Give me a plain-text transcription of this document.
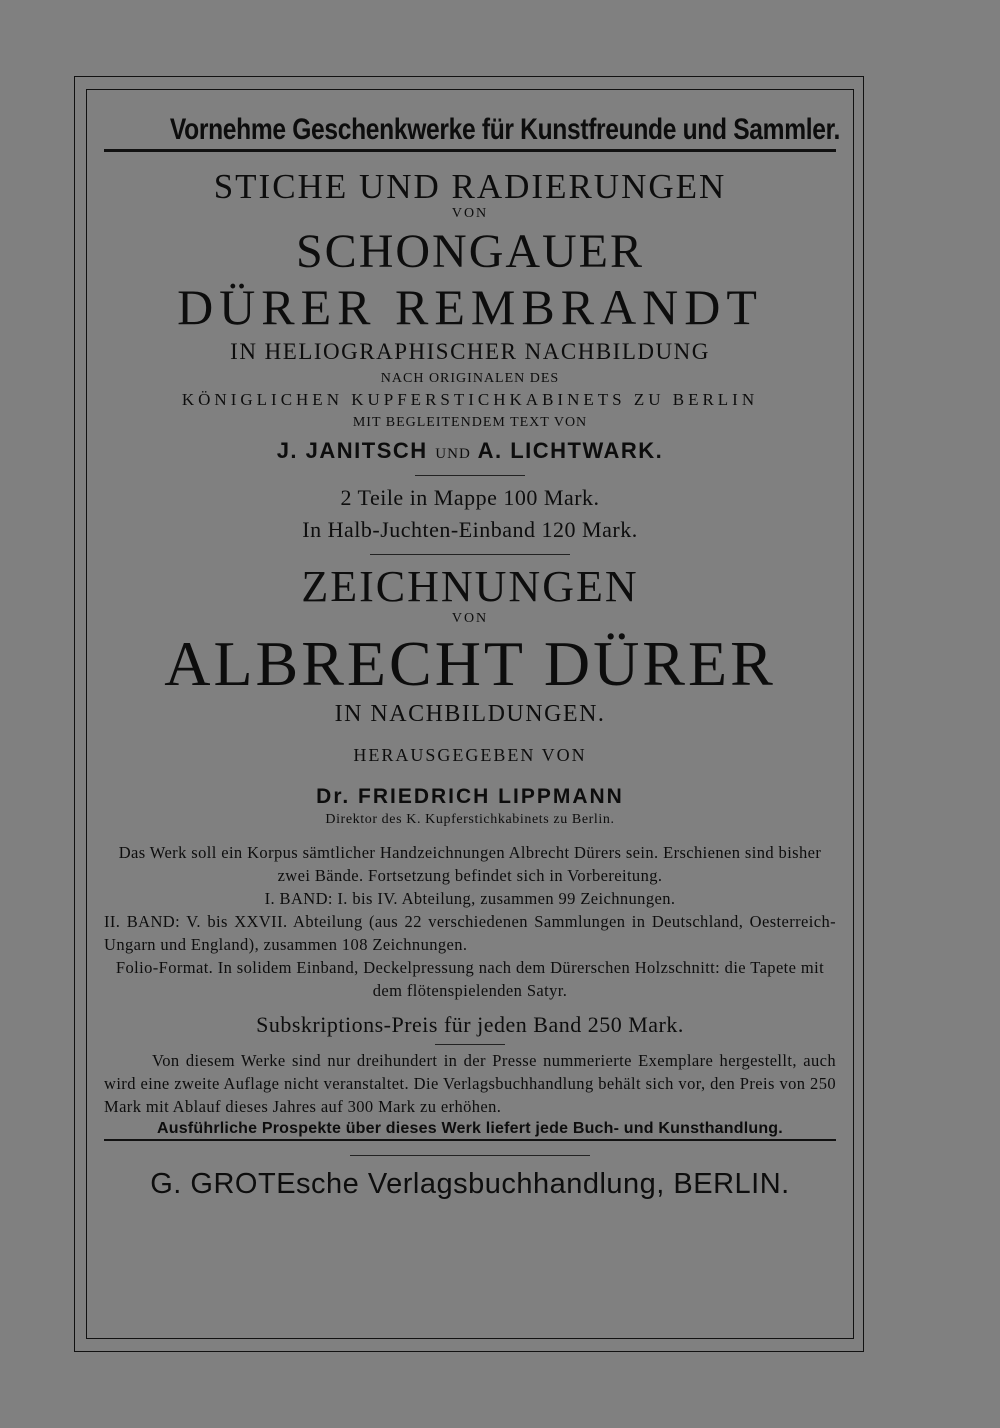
Vornehme Geschenkwerke für Kunstfreunde und Sammler.
STICHE UND RADIERUNGEN
VON
SCHONGAUER
DÜRER REMBRANDT
IN HELIOGRAPHISCHER NACHBILDUNG
NACH ORIGINALEN DES
KÖNIGLICHEN KUPFERSTICHKABINETS ZU BERLIN
MIT BEGLEITENDEM TEXT VON
J. JANITSCH UND A. LICHTWARK.
2 Teile in Mappe 100 Mark.
In Halb-Juchten-Einband 120 Mark.
ZEICHNUNGEN
VON
ALBRECHT DÜRER
IN NACHBILDUNGEN.
HERAUSGEGEBEN VON
Dr. FRIEDRICH LIPPMANN
Direktor des K. Kupferstichkabinets zu Berlin.

Das Werk soll ein Korpus sämtlicher Handzeichnungen Albrecht Dürers sein. Erschienen sind bisher zwei Bände. Fortsetzung befindet sich in Vorbereitung.

I. BAND: I. bis IV. Abteilung, zusammen 99 Zeichnungen.

II. BAND: V. bis XXVII. Abteilung (aus 22 verschiedenen Sammlungen in Deutschland, Oesterreich-Ungarn und England), zusammen 108 Zeichnungen.

Folio-Format. In solidem Einband, Deckelpressung nach dem Dürerschen Holzschnitt: die Tapete mit dem flötenspielenden Satyr.

Subskriptions-Preis für jeden Band 250 Mark.
Von diesem Werke sind nur dreihundert in der Presse nummerierte Exemplare hergestellt, auch wird eine zweite Auflage nicht veranstaltet. Die Verlagsbuchhandlung behält sich vor, den Preis von 250 Mark mit Ablauf dieses Jahres auf 300 Mark zu erhöhen.
Ausführliche Prospekte über dieses Werk liefert jede Buch- und Kunsthandlung.
G. GROTEsche Verlagsbuchhandlung, BERLIN.
